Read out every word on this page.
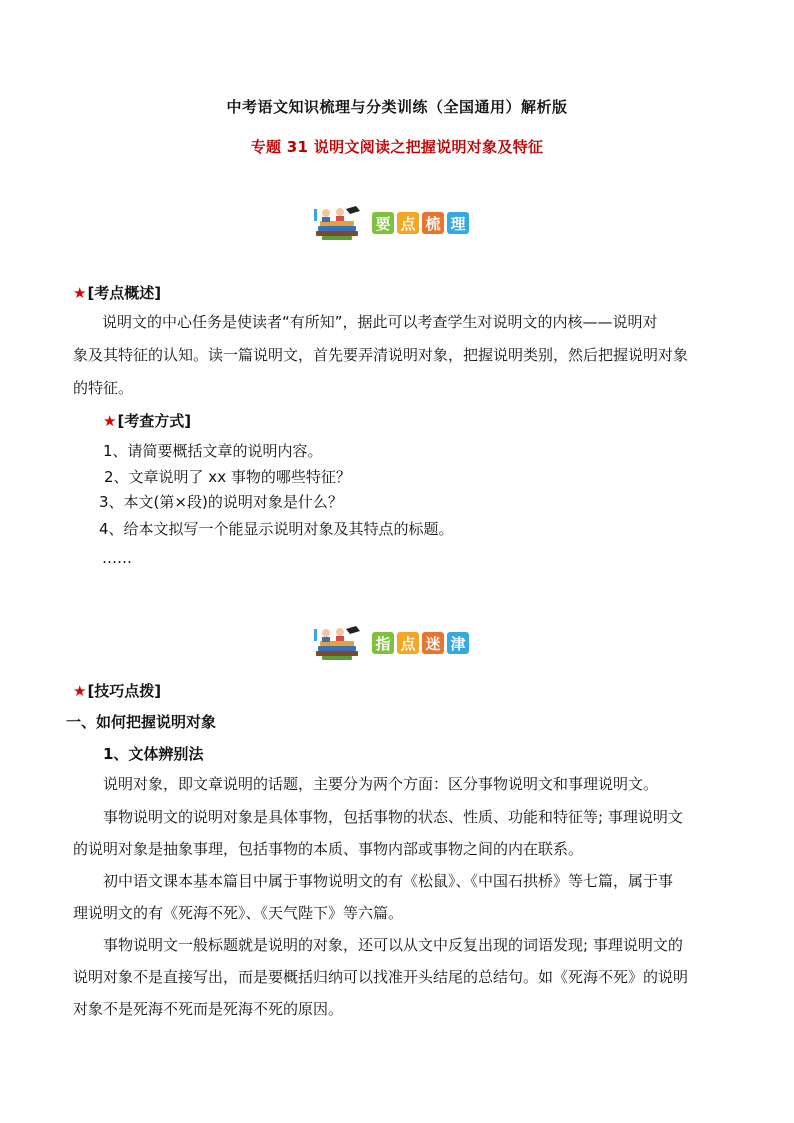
中考语文知识梳理与分类训练（全国通用）解析版
专题 31 说明文阅读之把握说明对象及特征
要 点 梳 理
★ [考点概述]
说明文的中心任务是使读者“有所知”，据此可以考查学生对说明文的内核——说明对
象及其特征的认知。读一篇说明文，首先要弄清说明对象，把握说明类别，然后把握说明对象
的特征。
★ [考查方式]
1、请简要概括文章的说明内容。
2、文章说明了 xx 事物的哪些特征？
3、本文(第×段)的说明对象是什么？
4、给本文拟写一个能显示说明对象及其特点的标题。
……
指 点 迷 津
★ [技巧点拨]
一、如何把握说明对象
1、文体辨别法
说明对象，即文章说明的话题，主要分为两个方面：区分事物说明文和事理说明文。
事物说明文的说明对象是具体事物，包括事物的状态、性质、功能和特征等; 事理说明文
的说明对象是抽象事理，包括事物的本质、事物内部或事物之间的内在联系。
初中语文课本基本篇目中属于事物说明文的有《松鼠》、《中国石拱桥》等七篇，属于事
理说明文的有《死海不死》、《天气陛下》等六篇。
事物说明文一般标题就是说明的对象，还可以从文中反复出现的词语发现; 事理说明文的
说明对象不是直接写出，而是要概括归纳可以找准开头结尾的总结句。如《死海不死》的说明
对象不是死海不死而是死海不死的原因。
